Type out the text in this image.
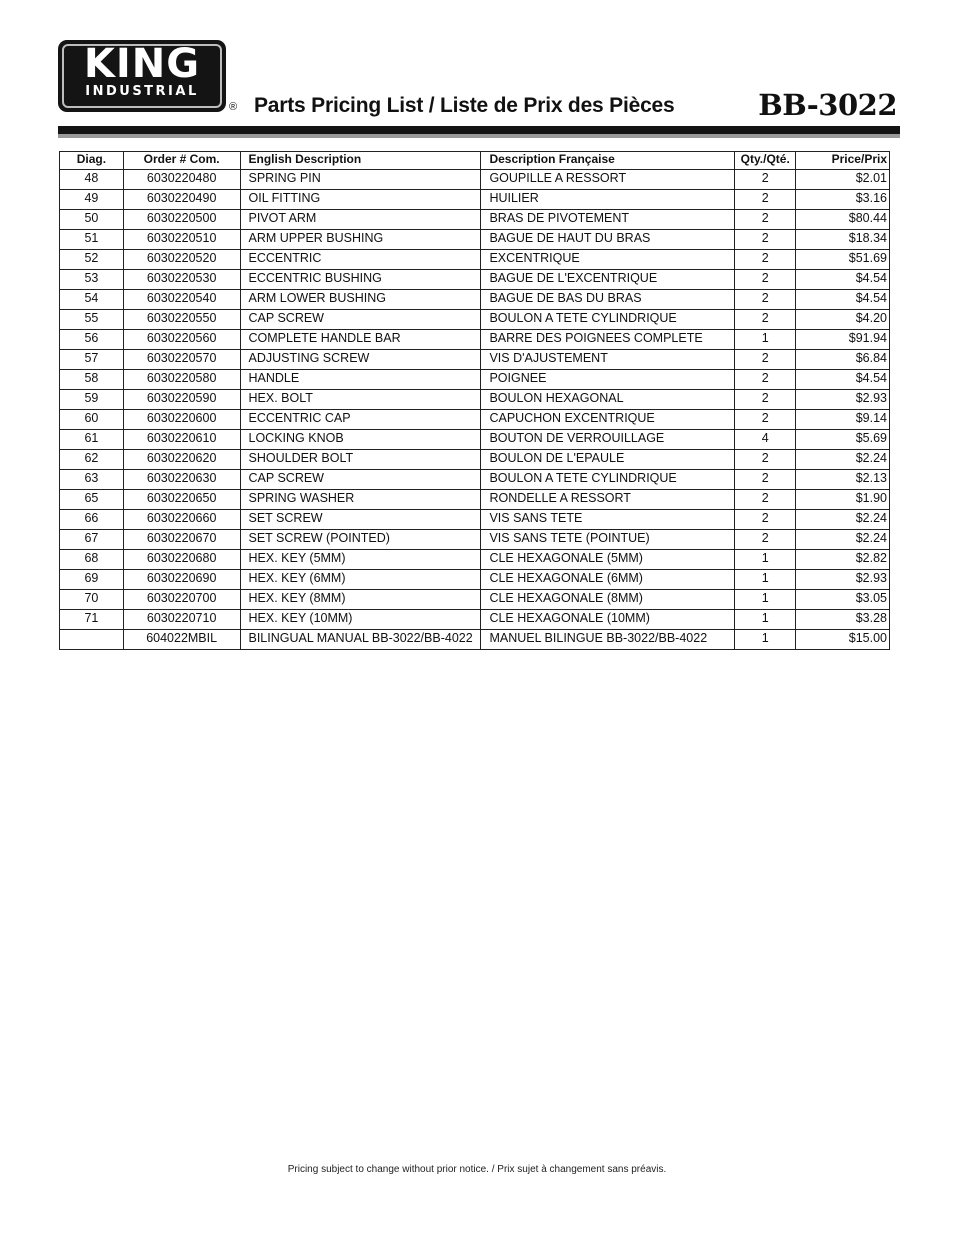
KING
INDUSTRIAL
® Parts Pricing List / Liste de Prix des Pièces	BB-3022
Diag.	Order # Com.	English Description	Description Française	Qty./Qté.	Price/Prix
48	6030220480	SPRING PIN	GOUPILLE A RESSORT	2	$2.01
49	6030220490	OIL FITTING	HUILIER	2	$3.16
50	6030220500	PIVOT ARM	BRAS DE PIVOTEMENT	2	$80.44
51	6030220510	ARM UPPER BUSHING	BAGUE DE HAUT DU BRAS	2	$18.34
52	6030220520	ECCENTRIC	EXCENTRIQUE	2	$51.69
53	6030220530	ECCENTRIC BUSHING	BAGUE DE L'EXCENTRIQUE	2	$4.54
54	6030220540	ARM LOWER BUSHING	BAGUE DE BAS DU BRAS	2	$4.54
55	6030220550	CAP SCREW	BOULON A TETE CYLINDRIQUE	2	$4.20
56	6030220560	COMPLETE HANDLE BAR	BARRE DES POIGNEES COMPLETE	1	$91.94
57	6030220570	ADJUSTING SCREW	VIS D'AJUSTEMENT	2	$6.84
58	6030220580	HANDLE	POIGNEE	2	$4.54
59	6030220590	HEX. BOLT	BOULON HEXAGONAL	2	$2.93
60	6030220600	ECCENTRIC CAP	CAPUCHON EXCENTRIQUE	2	$9.14
61	6030220610	LOCKING KNOB	BOUTON DE VERROUILLAGE	4	$5.69
62	6030220620	SHOULDER BOLT	BOULON DE L'EPAULE	2	$2.24
63	6030220630	CAP SCREW	BOULON A TETE CYLINDRIQUE	2	$2.13
65	6030220650	SPRING WASHER	RONDELLE A RESSORT	2	$1.90
66	6030220660	SET SCREW	VIS SANS TETE	2	$2.24
67	6030220670	SET SCREW (POINTED)	VIS SANS TETE (POINTUE)	2	$2.24
68	6030220680	HEX. KEY (5MM)	CLE HEXAGONALE (5MM)	1	$2.82
69	6030220690	HEX. KEY (6MM)	CLE HEXAGONALE (6MM)	1	$2.93
70	6030220700	HEX. KEY (8MM)	CLE HEXAGONALE (8MM)	1	$3.05
71	6030220710	HEX. KEY (10MM)	CLE HEXAGONALE (10MM)	1	$3.28
	604022MBIL	BILINGUAL MANUAL BB-3022/BB-4022	MANUEL BILINGUE BB-3022/BB-4022	1	$15.00
Pricing subject to change without prior notice. / Prix sujet à changement sans préavis.
